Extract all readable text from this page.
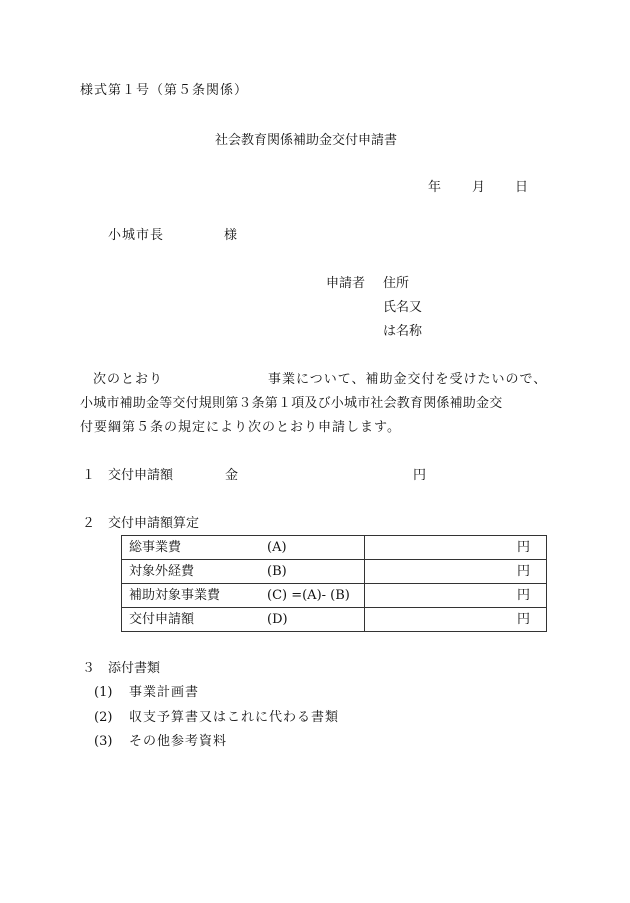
様式第１号（第５条関係）
社会教育関係補助金交付申請書
年 月 日
小城市長	様
申請者 住所
氏名又
は名称
次のとおり	事業について、補助金交付を受けたいので、
小城市補助金等交付規則第３条第１項及び小城市社会教育関係補助金交
付要綱第５条の規定により次のとおり申請します。
１ 交付申請額	金	円
２ 交付申請額算定
総事業費 (A)	円
対象外経費 (B)	円
補助対象事業費 (C) =(A)- (B)	円
交付申請額 (D)	円
３ 添付書類
(1) 事業計画書
(2) 収支予算書又はこれに代わる書類
(3) その他参考資料
